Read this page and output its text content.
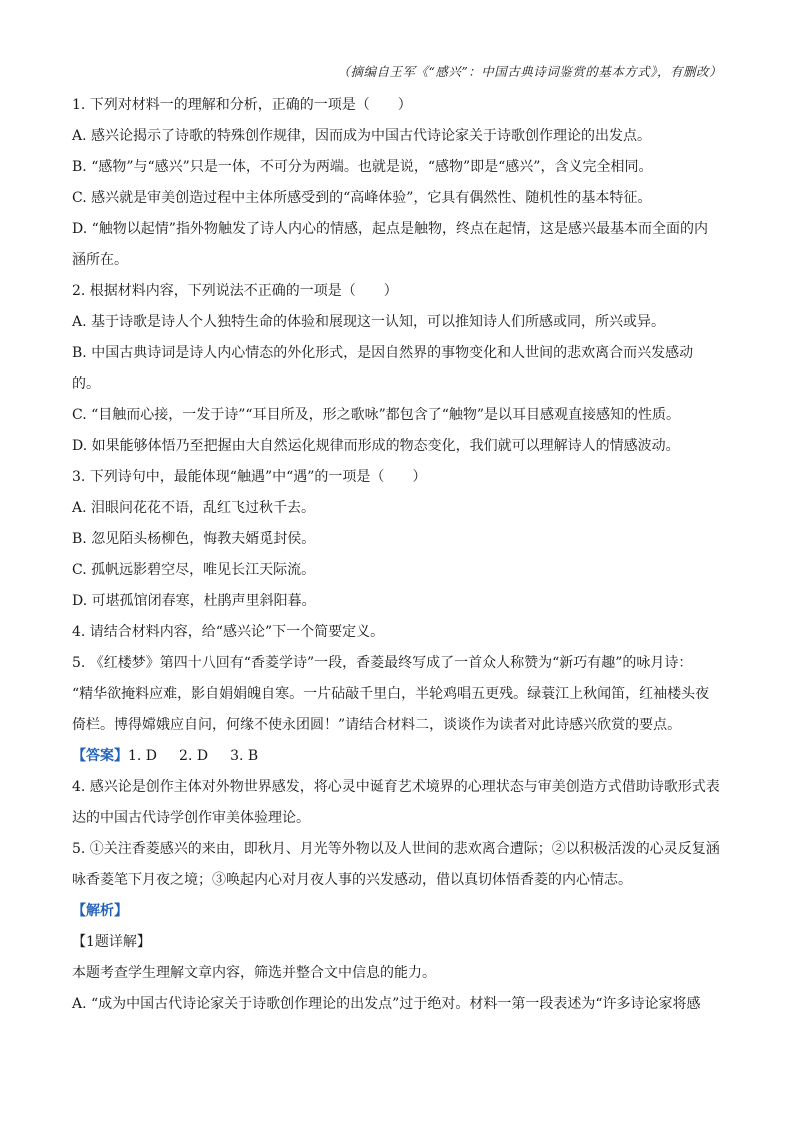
（摘编自王军《“感兴”：中国古典诗词鉴赏的基本方式》，有删改）

1. 下列对材料一的理解和分析，正确的一项是（　　）

A. 感兴论揭示了诗歌的特殊创作规律，因而成为中国古代诗论家关于诗歌创作理论的出发点。

B. “感物”与“感兴”只是一体，不可分为两端。也就是说，“感物”即是“感兴”，含义完全相同。

C. 感兴就是审美创造过程中主体所感受到的“高峰体验”，它具有偶然性、随机性的基本特征。

D. “触物以起情”指外物触发了诗人内心的情感，起点是触物，终点在起情，这是感兴最基本而全面的内

涵所在。

2. 根据材料内容，下列说法不正确的一项是（　　）

A. 基于诗歌是诗人个人独特生命的体验和展现这一认知，可以推知诗人们所感或同，所兴或异。

B. 中国古典诗词是诗人内心情态的外化形式，是因自然界的事物变化和人世间的悲欢离合而兴发感动

的。

C. “目触而心接，一发于诗”“耳目所及，形之歌咏”都包含了“触物”是以耳目感观直接感知的性质。

D. 如果能够体悟乃至把握由大自然运化规律而形成的物态变化，我们就可以理解诗人的情感波动。

3. 下列诗句中，最能体现“触遇”中“遇”的一项是（　　）

A. 泪眼问花花不语，乱红飞过秋千去。

B. 忽见陌头杨柳色，悔教夫婿觅封侯。

C. 孤帆远影碧空尽，唯见长江天际流。

D. 可堪孤馆闭春寒，杜鹃声里斜阳暮。

4. 请结合材料内容，给“感兴论”下一个简要定义。

5. 《红楼梦》第四十八回有“香菱学诗”一段，香菱最终写成了一首众人称赞为“新巧有趣”的咏月诗：

“精华欲掩料应难，影自娟娟魄自寒。一片砧敲千里白，半轮鸡唱五更残。绿蓑江上秋闻笛，红袖楼头夜

倚栏。博得嫦娥应自问，何缘不使永团圆！”请结合材料二，谈谈作为读者对此诗感兴欣赏的要点。

【答案】1. D 2. D 3. B

4. 感兴论是创作主体对外物世界感发，将心灵中诞育艺术境界的心理状态与审美创造方式借助诗歌形式表

达的中国古代诗学创作审美体验理论。

5. ①关注香菱感兴的来由，即秋月、月光等外物以及人世间的悲欢离合遭际；②以积极活泼的心灵反复涵

咏香菱笔下月夜之境；③唤起内心对月夜人事的兴发感动，借以真切体悟香菱的内心情志。

【解析】

【1题详解】

本题考查学生理解文章内容，筛选并整合文中信息的能力。

A. “成为中国古代诗论家关于诗歌创作理论的出发点”过于绝对。材料一第一段表述为“许多诗论家将感
